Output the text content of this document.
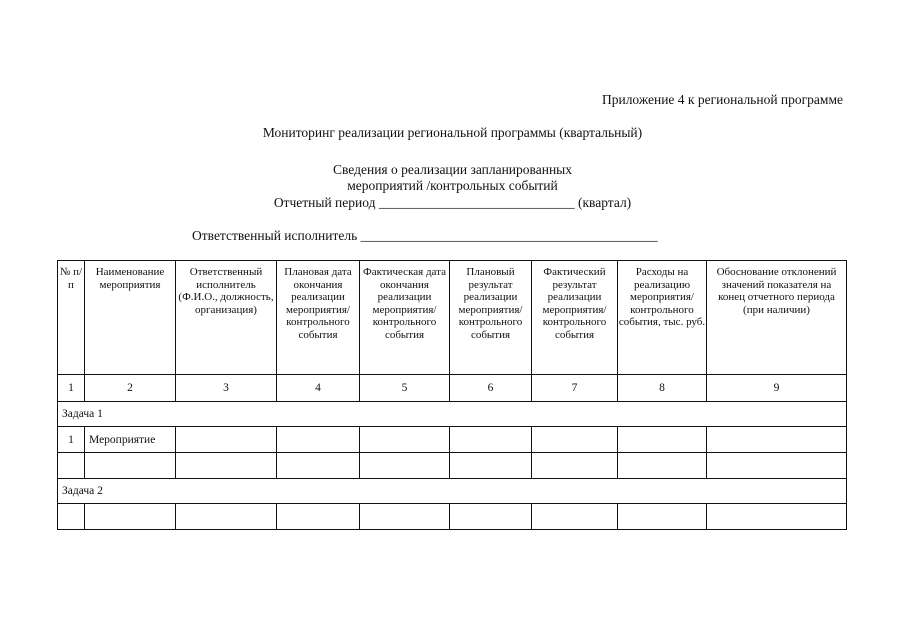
Приложение 4 к региональной программе
Мониторинг реализации региональной программы (квартальный)
Сведения о реализации запланированных
мероприятий /контрольных событий
Отчетный период _____________________________ (квартал)
Ответственный исполнитель ____________________________________________
№ п/п	Наименование мероприятия	Ответственный исполнитель (Ф.И.О., должность, организация)	Плановая дата окончания реализации мероприятия/ контрольного события	Фактическая дата окончания реализации мероприятия/ контрольного события	Плановый результат реализации мероприятия/ контрольного события	Фактический результат реализации мероприятия/ контрольного события	Расходы на реализацию мероприятия/ контрольного события, тыс. руб.	Обоснование отклонений значений показателя на конец отчетного периода (при наличии)
1	2	3	4	5	6	7	8	9
Задача 1								
1	Мероприятие							

Задача 2								
